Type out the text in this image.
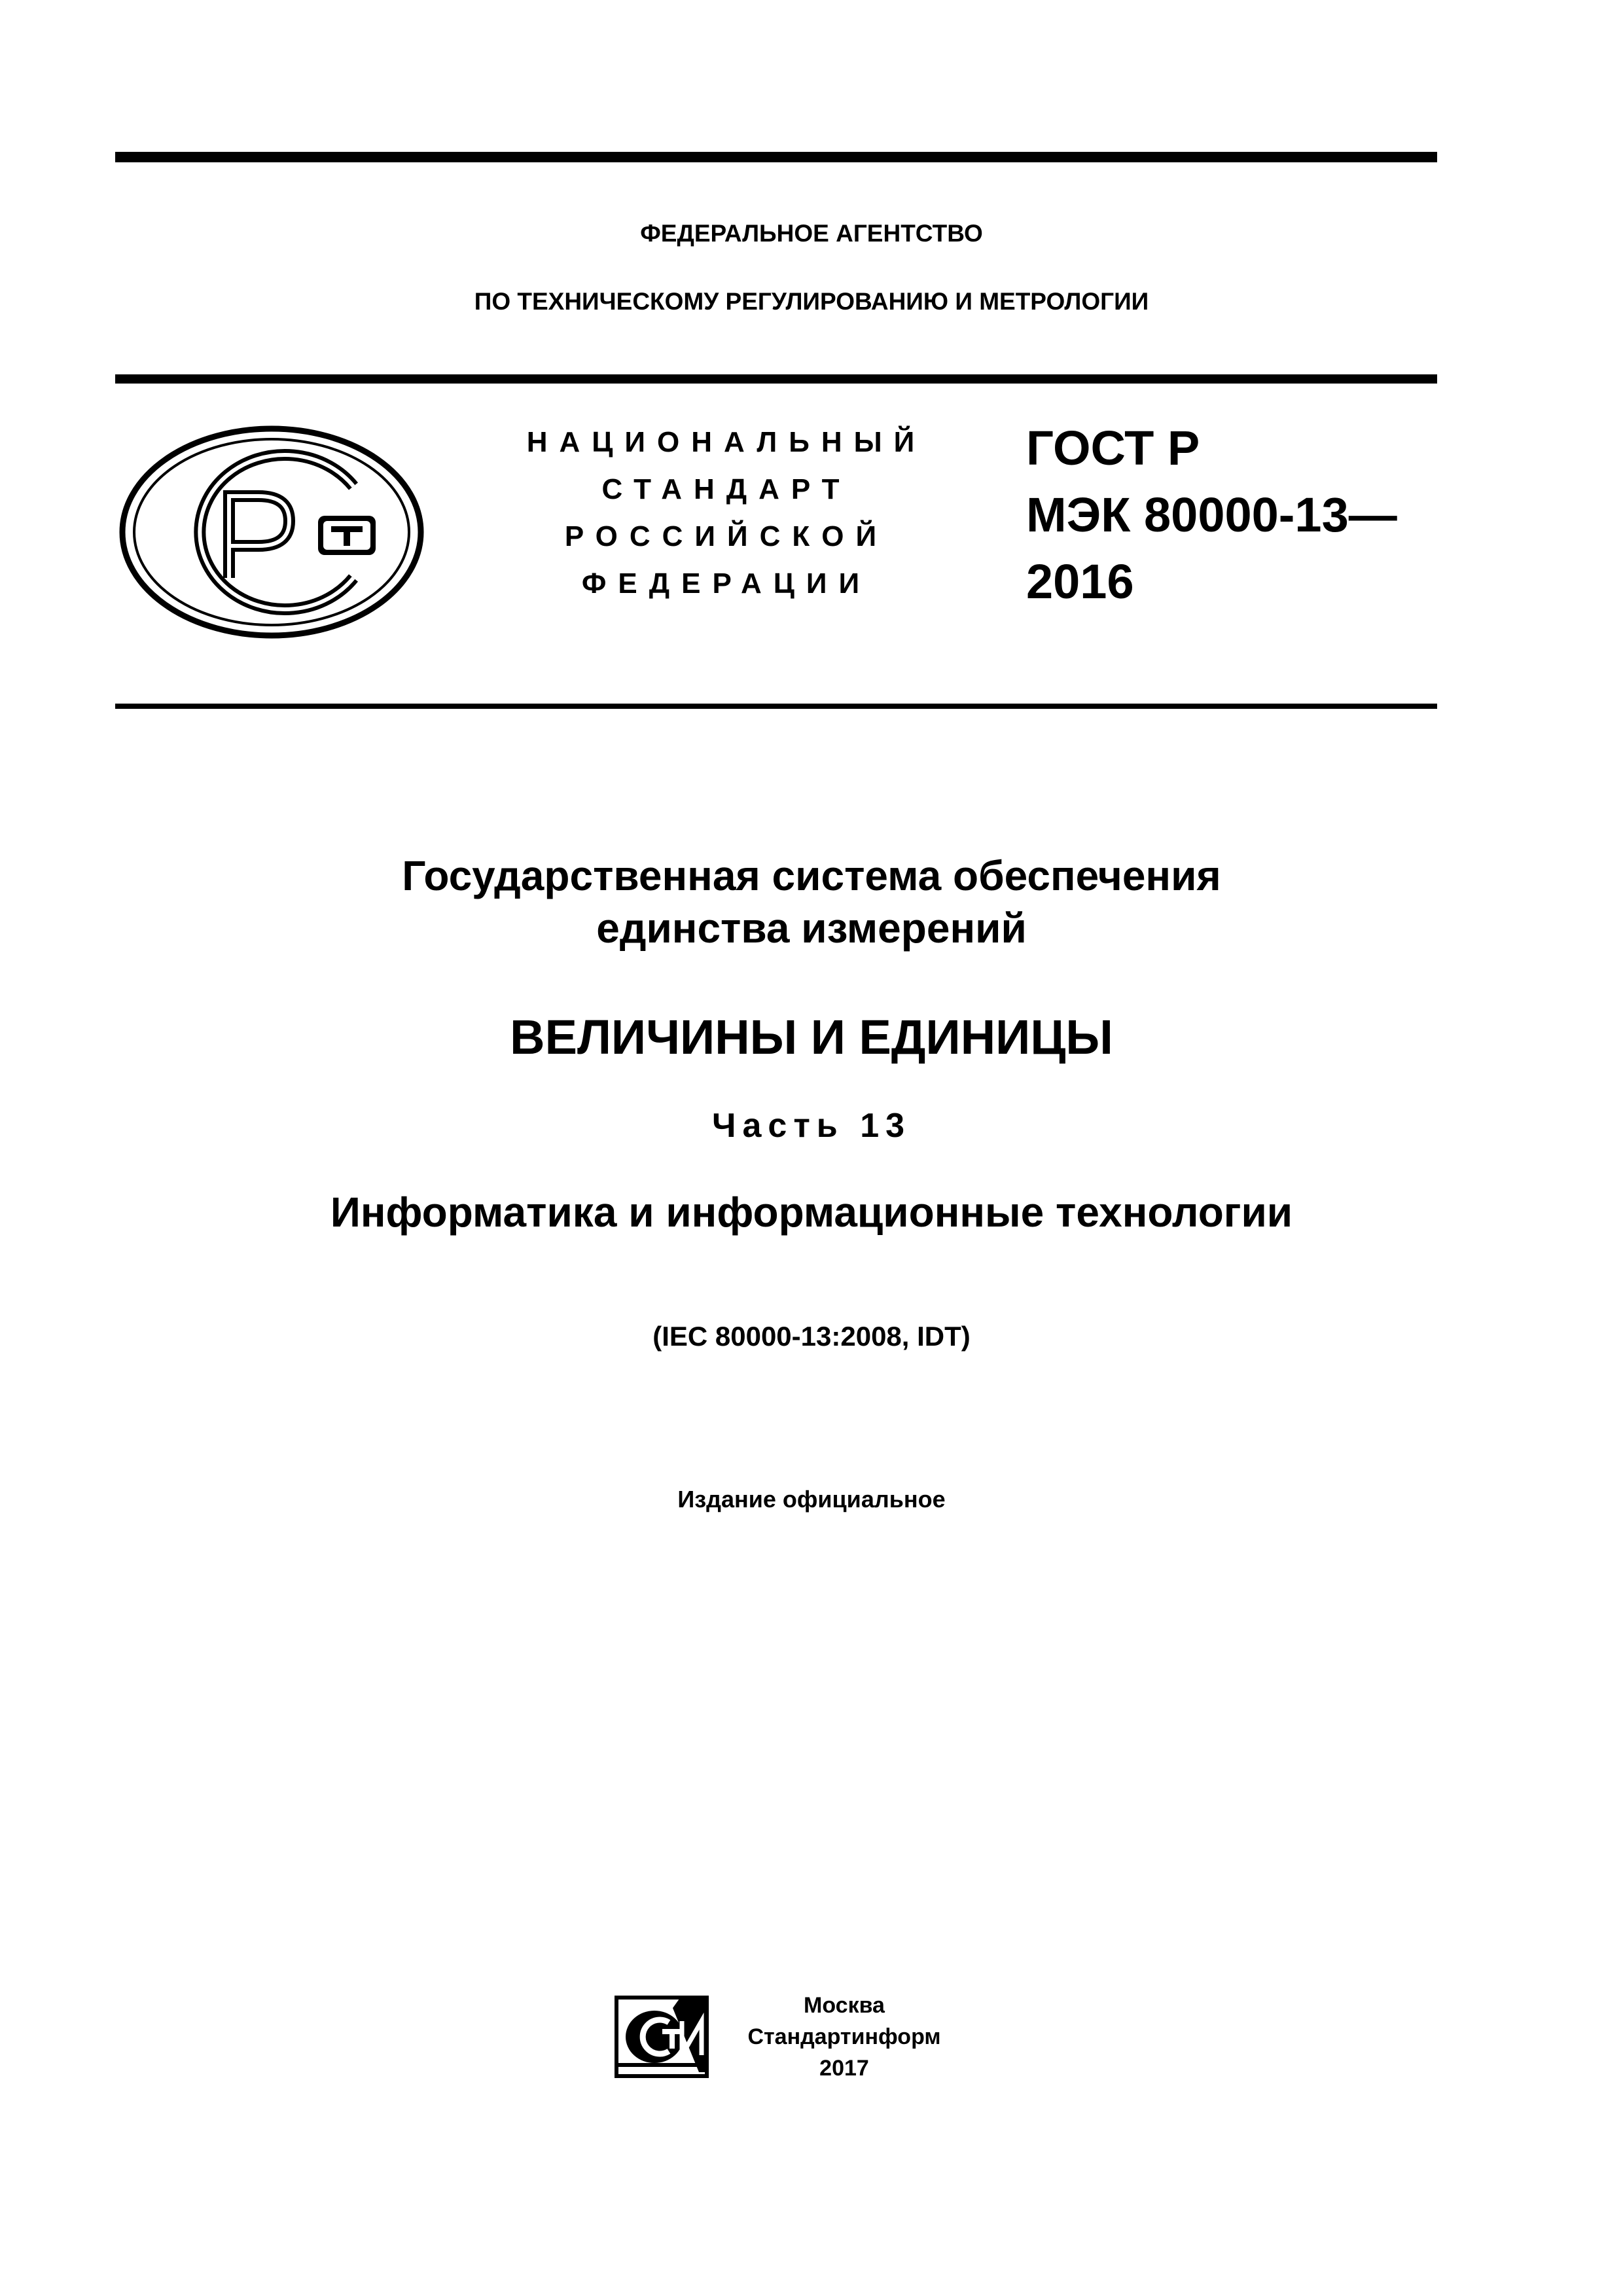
ФЕДЕРАЛЬНОЕ АГЕНТСТВО
ПО ТЕХНИЧЕСКОМУ РЕГУЛИРОВАНИЮ И МЕТРОЛОГИИ
НАЦИОНАЛЬНЫЙ
СТАНДАРТ
РОССИЙСКОЙ
ФЕДЕРАЦИИ
ГОСТ Р
МЭК 80000-13—
2016
Государственная система обеспечения
единства измерений
ВЕЛИЧИНЫ И ЕДИНИЦЫ
Часть 13
Информатика и информационные технологии
(IEC 80000-13:2008, IDT)
Издание официальное
Москва
Стандартинформ
2017
